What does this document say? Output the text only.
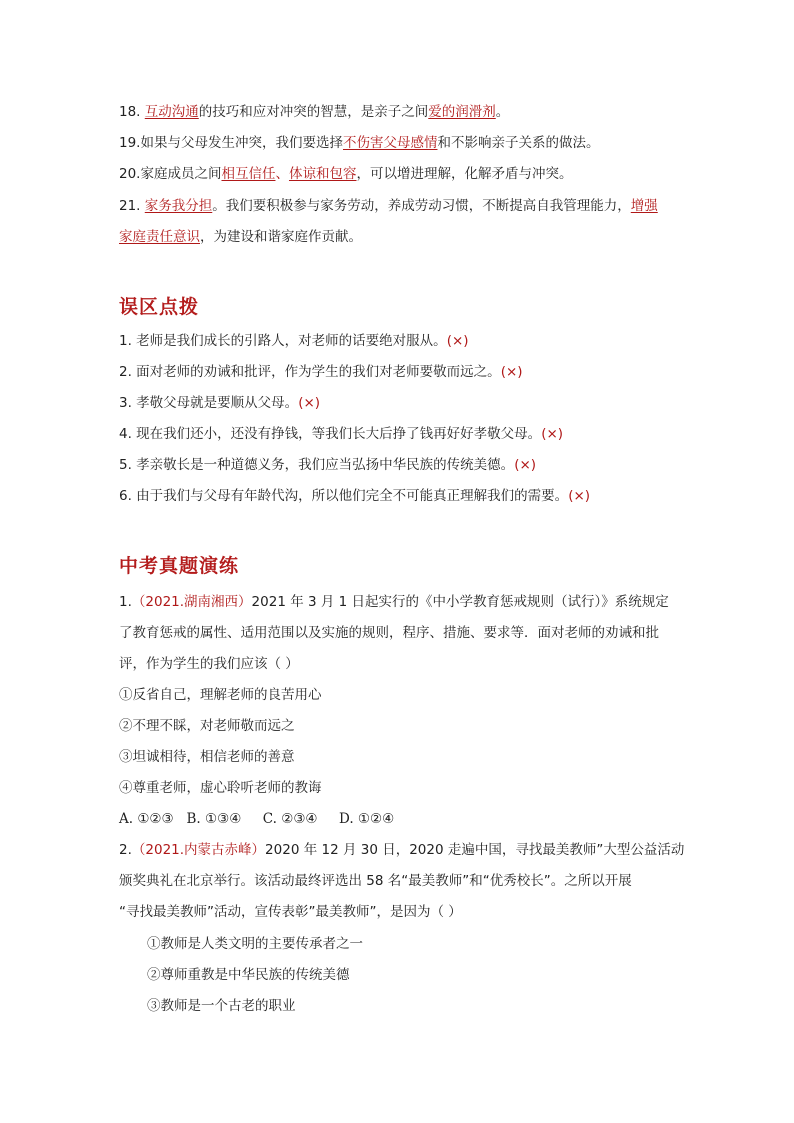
18. 互动沟通的技巧和应对冲突的智慧，是亲子之间爱的润滑剂。
19.如果与父母发生冲突，我们要选择不伤害父母感情和不影响亲子关系的做法。
20.家庭成员之间相互信任、体谅和包容，可以增进理解，化解矛盾与冲突。
21. 家务我分担。我们要积极参与家务劳动，养成劳动习惯，不断提高自我管理能力，增强
家庭责任意识，为建设和谐家庭作贡献。
误区点拨
1. 老师是我们成长的引路人，对老师的话要绝对服从。(×)
2. 面对老师的劝诫和批评，作为学生的我们对老师要敬而远之。(×)
3. 孝敬父母就是要顺从父母。(×)
4. 现在我们还小，还没有挣钱，等我们长大后挣了钱再好好孝敬父母。(×)
5. 孝亲敬长是一种道德义务，我们应当弘扬中华民族的传统美德。(×)
6. 由于我们与父母有年龄代沟，所以他们完全不可能真正理解我们的需要。(×)
中考真题演练
1.（2021.湖南湘西）2021 年 3 月 1 日起实行的《中小学教育惩戒规则（试行）》系统规定
了教育惩戒的属性、适用范围以及实施的规则，程序、措施、要求等．面对老师的劝诫和批
评，作为学生的我们应该（ ）
①反省自己，理解老师的良苦用心
②不理不睬，对老师敬而远之
③坦诚相待，相信老师的善意
④尊重老师，虚心聆听老师的教诲
A. ①②③   B. ①③④     C. ②③④     D. ①②④
2.（2021.内蒙古赤峰）2020 年 12 月 30 日，2020 走遍中国，寻找最美教师”大型公益活动
颁奖典礼在北京举行。该活动最终评选出 58 名“最美教师”和“优秀校长”。之所以开展
“寻找最美教师”活动，宣传表彰”最美教师”，是因为（ ）
①教师是人类文明的主要传承者之一
②尊师重教是中华民族的传统美德
③教师是一个古老的职业
